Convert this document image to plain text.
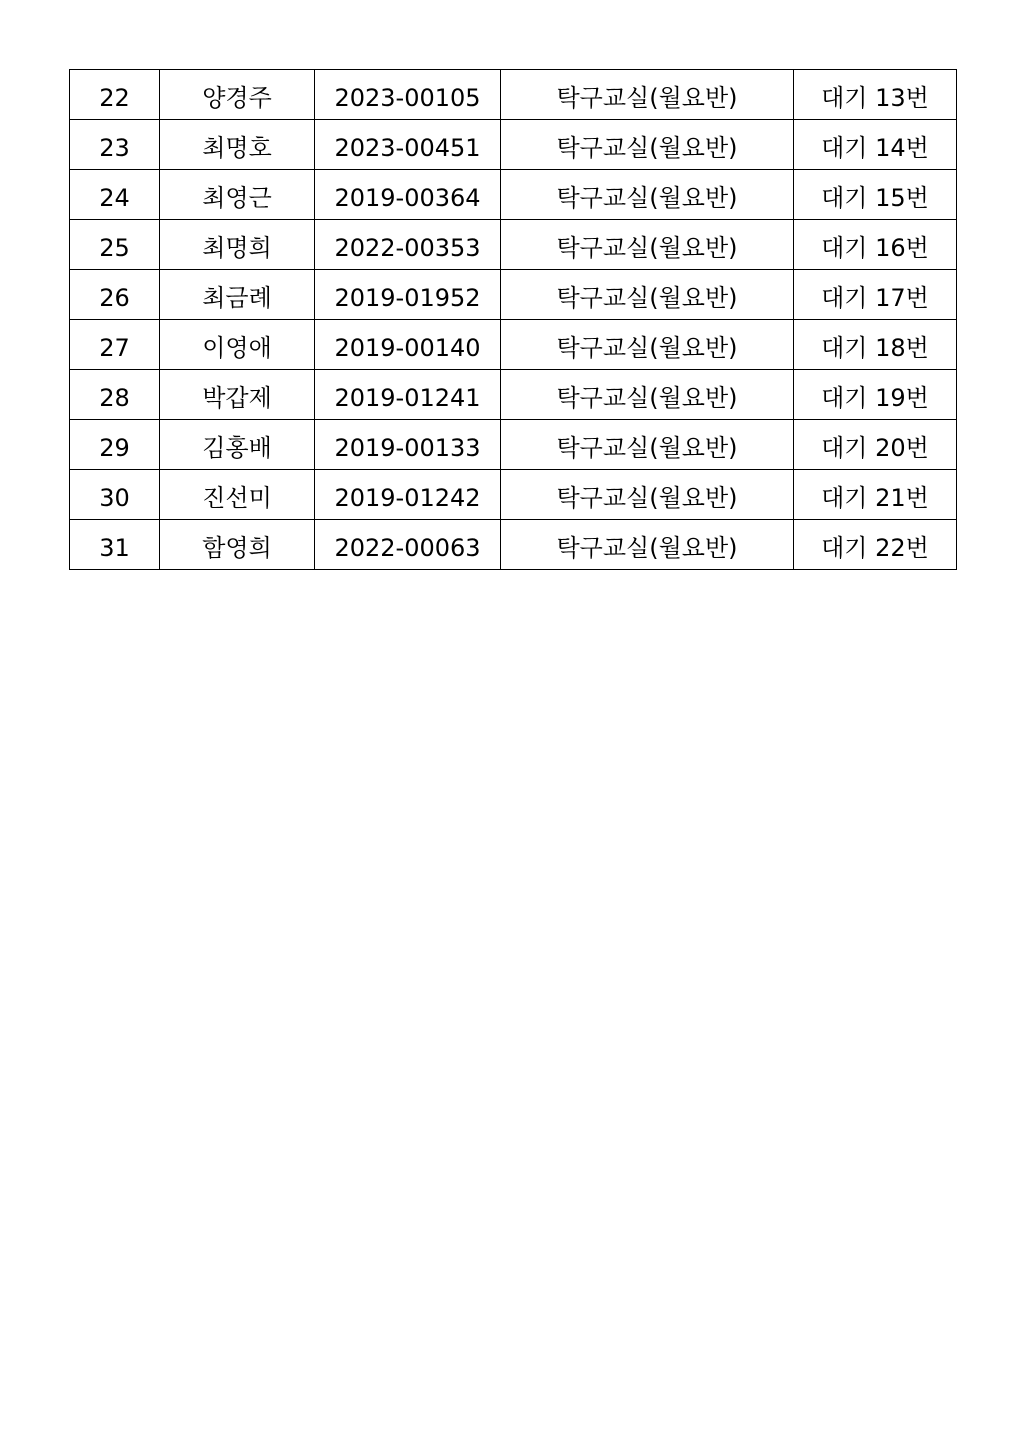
22	양경주	2023-00105	탁구교실(월요반)	대기 13번
23	최명호	2023-00451	탁구교실(월요반)	대기 14번
24	최영근	2019-00364	탁구교실(월요반)	대기 15번
25	최명희	2022-00353	탁구교실(월요반)	대기 16번
26	최금례	2019-01952	탁구교실(월요반)	대기 17번
27	이영애	2019-00140	탁구교실(월요반)	대기 18번
28	박갑제	2019-01241	탁구교실(월요반)	대기 19번
29	김홍배	2019-00133	탁구교실(월요반)	대기 20번
30	진선미	2019-01242	탁구교실(월요반)	대기 21번
31	함영희	2022-00063	탁구교실(월요반)	대기 22번
